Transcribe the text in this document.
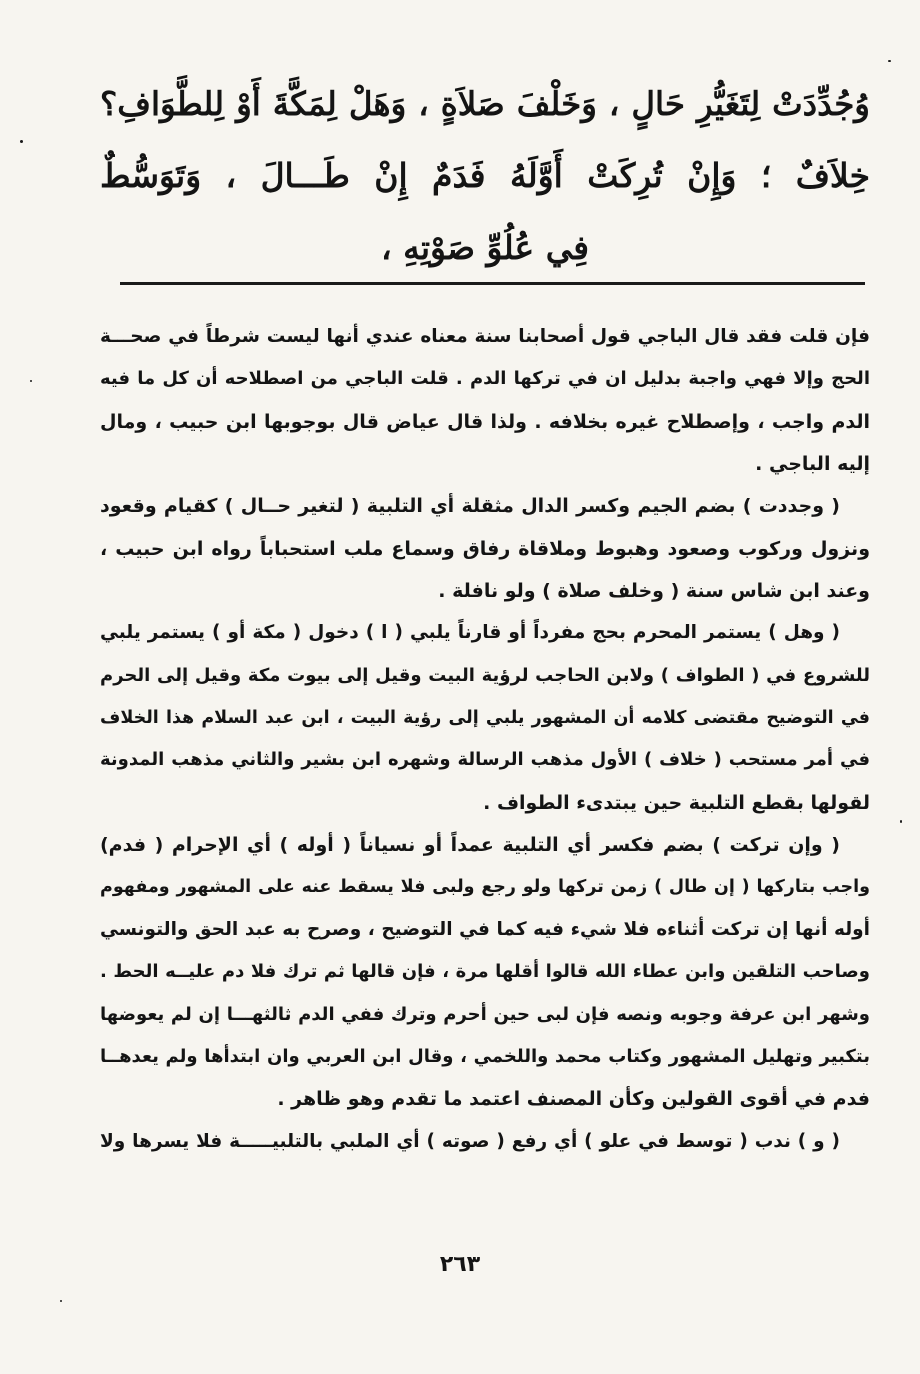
وُجُدِّدَتْ لِتَغَيُّرِ حَالٍ ، وَخَلْفَ صَلاَةٍ ، وَهَلْ لِمَكَّةَ أَوْ لِلطَّوَافِ؟
خِلاَفٌ ؛ وَإِنْ تُرِكَتْ أَوَّلَهُ فَدَمٌ إِنْ طَـــالَ ، وَتَوَسُّطٌ
فِي عُلُوِّ صَوْتِهِ ،
فإن قلت فقد قال الباجي قول أصحابنا سنة معناه عندي أنها ليست شرطاً في صحـــة
الحج وإلا فهي واجبة بدليل ان في تركها الدم . قلت الباجي من اصطلاحه أن كل ما فيه
الدم واجب ، وإصطلاح غيره بخلافه . ولذا قال عياض قال بوجوبها ابن حبيب ، ومال
إليه الباجي .
( وجددت ) بضم الجيم وكسر الدال مثقلة أي التلبية ( لتغير حــال ) كقيام وقعود
ونزول وركوب وصعود وهبوط وملاقاة رفاق وسماع ملب استحباباً رواه ابن حبيب ،
وعند ابن شاس سنة ( وخلف صلاة ) ولو نافلة .
( وهل ) يستمر المحرم بحج مفرداً أو قارناً يلبي ( ا ) دخول ( مكة أو ) يستمر يلبي
للشروع في ( الطواف ) ولابن الحاجب لرؤية البيت وقيل إلى بيوت مكة وقيل إلى الحرم
في التوضيح مقتضى كلامه أن المشهور يلبي إلى رؤية البيت ، ابن عبد السلام هذا الخلاف
في أمر مستحب ( خلاف ) الأول مذهب الرسالة وشهره ابن بشير والثاني مذهب المدونة
لقولها بقطع التلبية حين يبتدىء الطواف .
( وإن تركت ) بضم فكسر أي التلبية عمداً أو نسياناً ( أوله ) أي الإحرام ( فدم)
واجب بتاركها ( إن طال ) زمن تركها ولو رجع ولبى فلا يسقط عنه على المشهور ومفهوم
أوله أنها إن تركت أثناءه فلا شيء فيه كما في التوضيح ، وصرح به عبد الحق والتونسي
وصاحب التلقين وابن عطاء الله قالوا أقلها مرة ، فإن قالها ثم ترك فلا دم عليــه الحط .
وشهر ابن عرفة وجوبه ونصه فإن لبى حين أحرم وترك ففي الدم ثالثهـــا إن لم يعوضها
بتكبير وتهليل المشهور وكتاب محمد واللخمي ، وقال ابن العربي وان ابتدأها ولم يعدهــا
فدم في أقوى القولين وكأن المصنف اعتمد ما تقدم وهو ظاهر .
( و ) ندب ( توسط في علو ) أي رفع ( صوته ) أي الملبي بالتلبيـــــة فلا يسرها ولا
٢٦٣
